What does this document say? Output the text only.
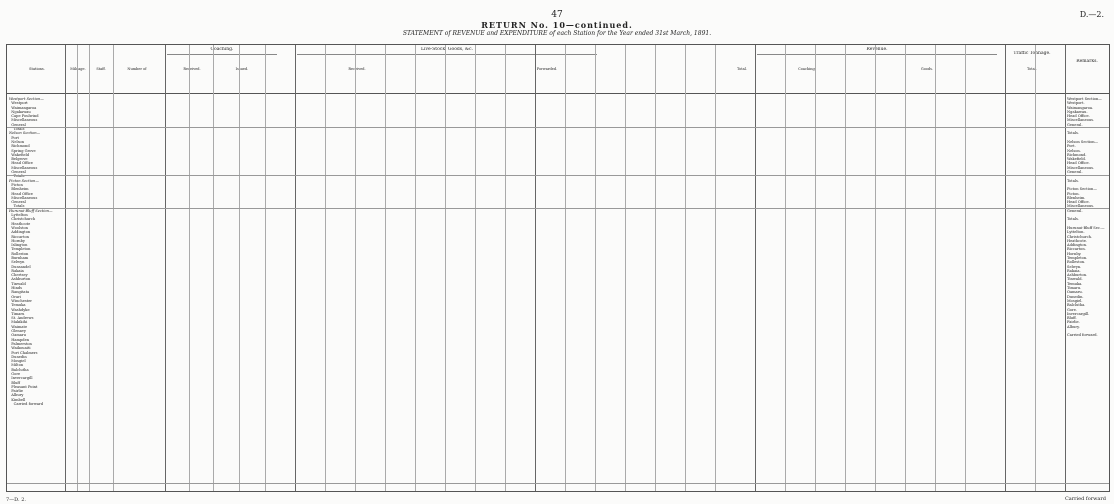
47	D.—2.
RETURN No. 10—continued.
STATEMENT of REVENUE and EXPENDITURE of each Station for the Year ended 31st March, 1891.
Coaching.	Live-Stock, Goods, &c.	Revenue.
Traffic Tonnage.
Remarks.
Stations.	Mileage.	Staff.	Number of	Received.	Issued.	Received.	Forwarded.	Total.	Coaching.	Goods.	Total.
Westport Section—
Westport
Waimangaroa
Ngakawau
Cape Foulwind
Miscellaneous
General
Totals
Nelson Section—
Port
Nelson
Richmond
Spring Grove
Wakefield
Belgrove
Head Office
Miscellaneous
General
Totals
Picton Section—
Picton
Blenheim
Head Office
Miscellaneous
General
Totals
Hurunui-Bluff Section—
Lyttelton
Christchurch
Heathcote
Woolston
Addington
Riccarton
Hornby
Islington
Templeton
Rolleston
Burnham
Selwyn
Dunsandel
Rakaia
Chertsey
Ashburton
Tinwald
Hinds
Rangitata
Orari
Winchester
Temuka
Washdyke
Timaru
St. Andrews
Makikihi
Waimate
Glenavy
Oamaru
Hampden
Palmerston
Waikouaiti
Port Chalmers
Dunedin
Mosgiel
Milton
Balclutha
Gore
Invercargill
Bluff
Pleasant Point
Fairlie
Albury
Kimbell
Carried forward
Westport Section—
Westport.
Waimangaroa.
Ngakawau.
Head Office.
Miscellaneous.
General.

Totals.

Nelson Section—
Port.
Nelson.
Richmond.
Wakefield.
Head Office.
Miscellaneous.
General.

Totals.

Picton Section—
Picton.
Blenheim.
Head Office.
Miscellaneous.
General.

Totals.

Hurunui-Bluff Sec.—
Lyttelton.
Christchurch.
Heathcote.
Addington.
Riccarton.
Hornby.
Templeton.
Rolleston.
Selwyn.
Rakaia.
Ashburton.
Tinwald.
Temuka.
Timaru.
Oamaru.
Dunedin.
Mosgiel.
Balclutha.
Gore.
Invercargill.
Bluff.
Fairlie.
Albury.

Carried forward.
7—D. 2.	Carried forward
